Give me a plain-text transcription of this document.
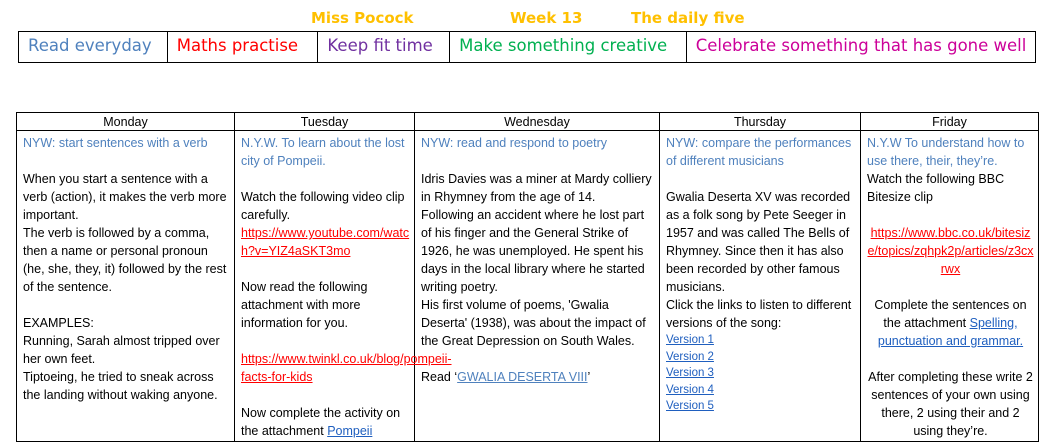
Miss Pocock	Week 13	The daily five
Read everyday	Maths practise	Keep fit time	Make something creative	Celebrate something that has gone well
Monday

NYW: start sentences with a verb

When you start a sentence with a verb (action), it makes the verb more important.

The verb is followed by a comma, then a name or personal pronoun (he, she, they, it) followed by the rest of the sentence.

EXAMPLES:

Running, Sarah almost tripped over her own feet.

Tiptoeing, he tried to sneak across the landing without waking anyone.

Tuesday

N.Y.W. To learn about the lost city of Pompeii.

Watch the following video clip carefully.

https://www.youtube.com/watch?v=YIZ4aSKT3mo

Now read the following attachment with more information for you.

https://www.twinkl.co.uk/blog/pompeii-facts-for-kids

Now complete the activity on the attachment Pompeii

Wednesday

NYW: read and respond to poetry

Idris Davies was a miner at Mardy colliery in Rhymney from the age of 14.

Following an accident where he lost part of his finger and the General Strike of 1926, he was unemployed. He spent his days in the local library where he started writing poetry.

His first volume of poems, 'Gwalia Deserta' (1938), was about the impact of the Great Depression on South Wales.

Read ‘GWALIA DESERTA VIII’

Thursday

NYW: compare the performances of different musicians

Gwalia Deserta XV was recorded as a folk song by Pete Seeger in 1957 and was called The Bells of Rhymney. Since then it has also been recorded by other famous musicians.

Click the links to listen to different versions of the song:

Version 1
Version 2
Version 3
Version 4
Version 5
Friday

N.Y.W To understand how to use there, their, they’re.

Watch the following BBC Bitesize clip

https://www.bbc.co.uk/bitesize/topics/zqhpk2p/articles/z3cxrwx

Complete the sentences on the attachment Spelling, punctuation and grammar.

After completing these write 2 sentences of your own using there, 2 using their and 2 using they’re.
